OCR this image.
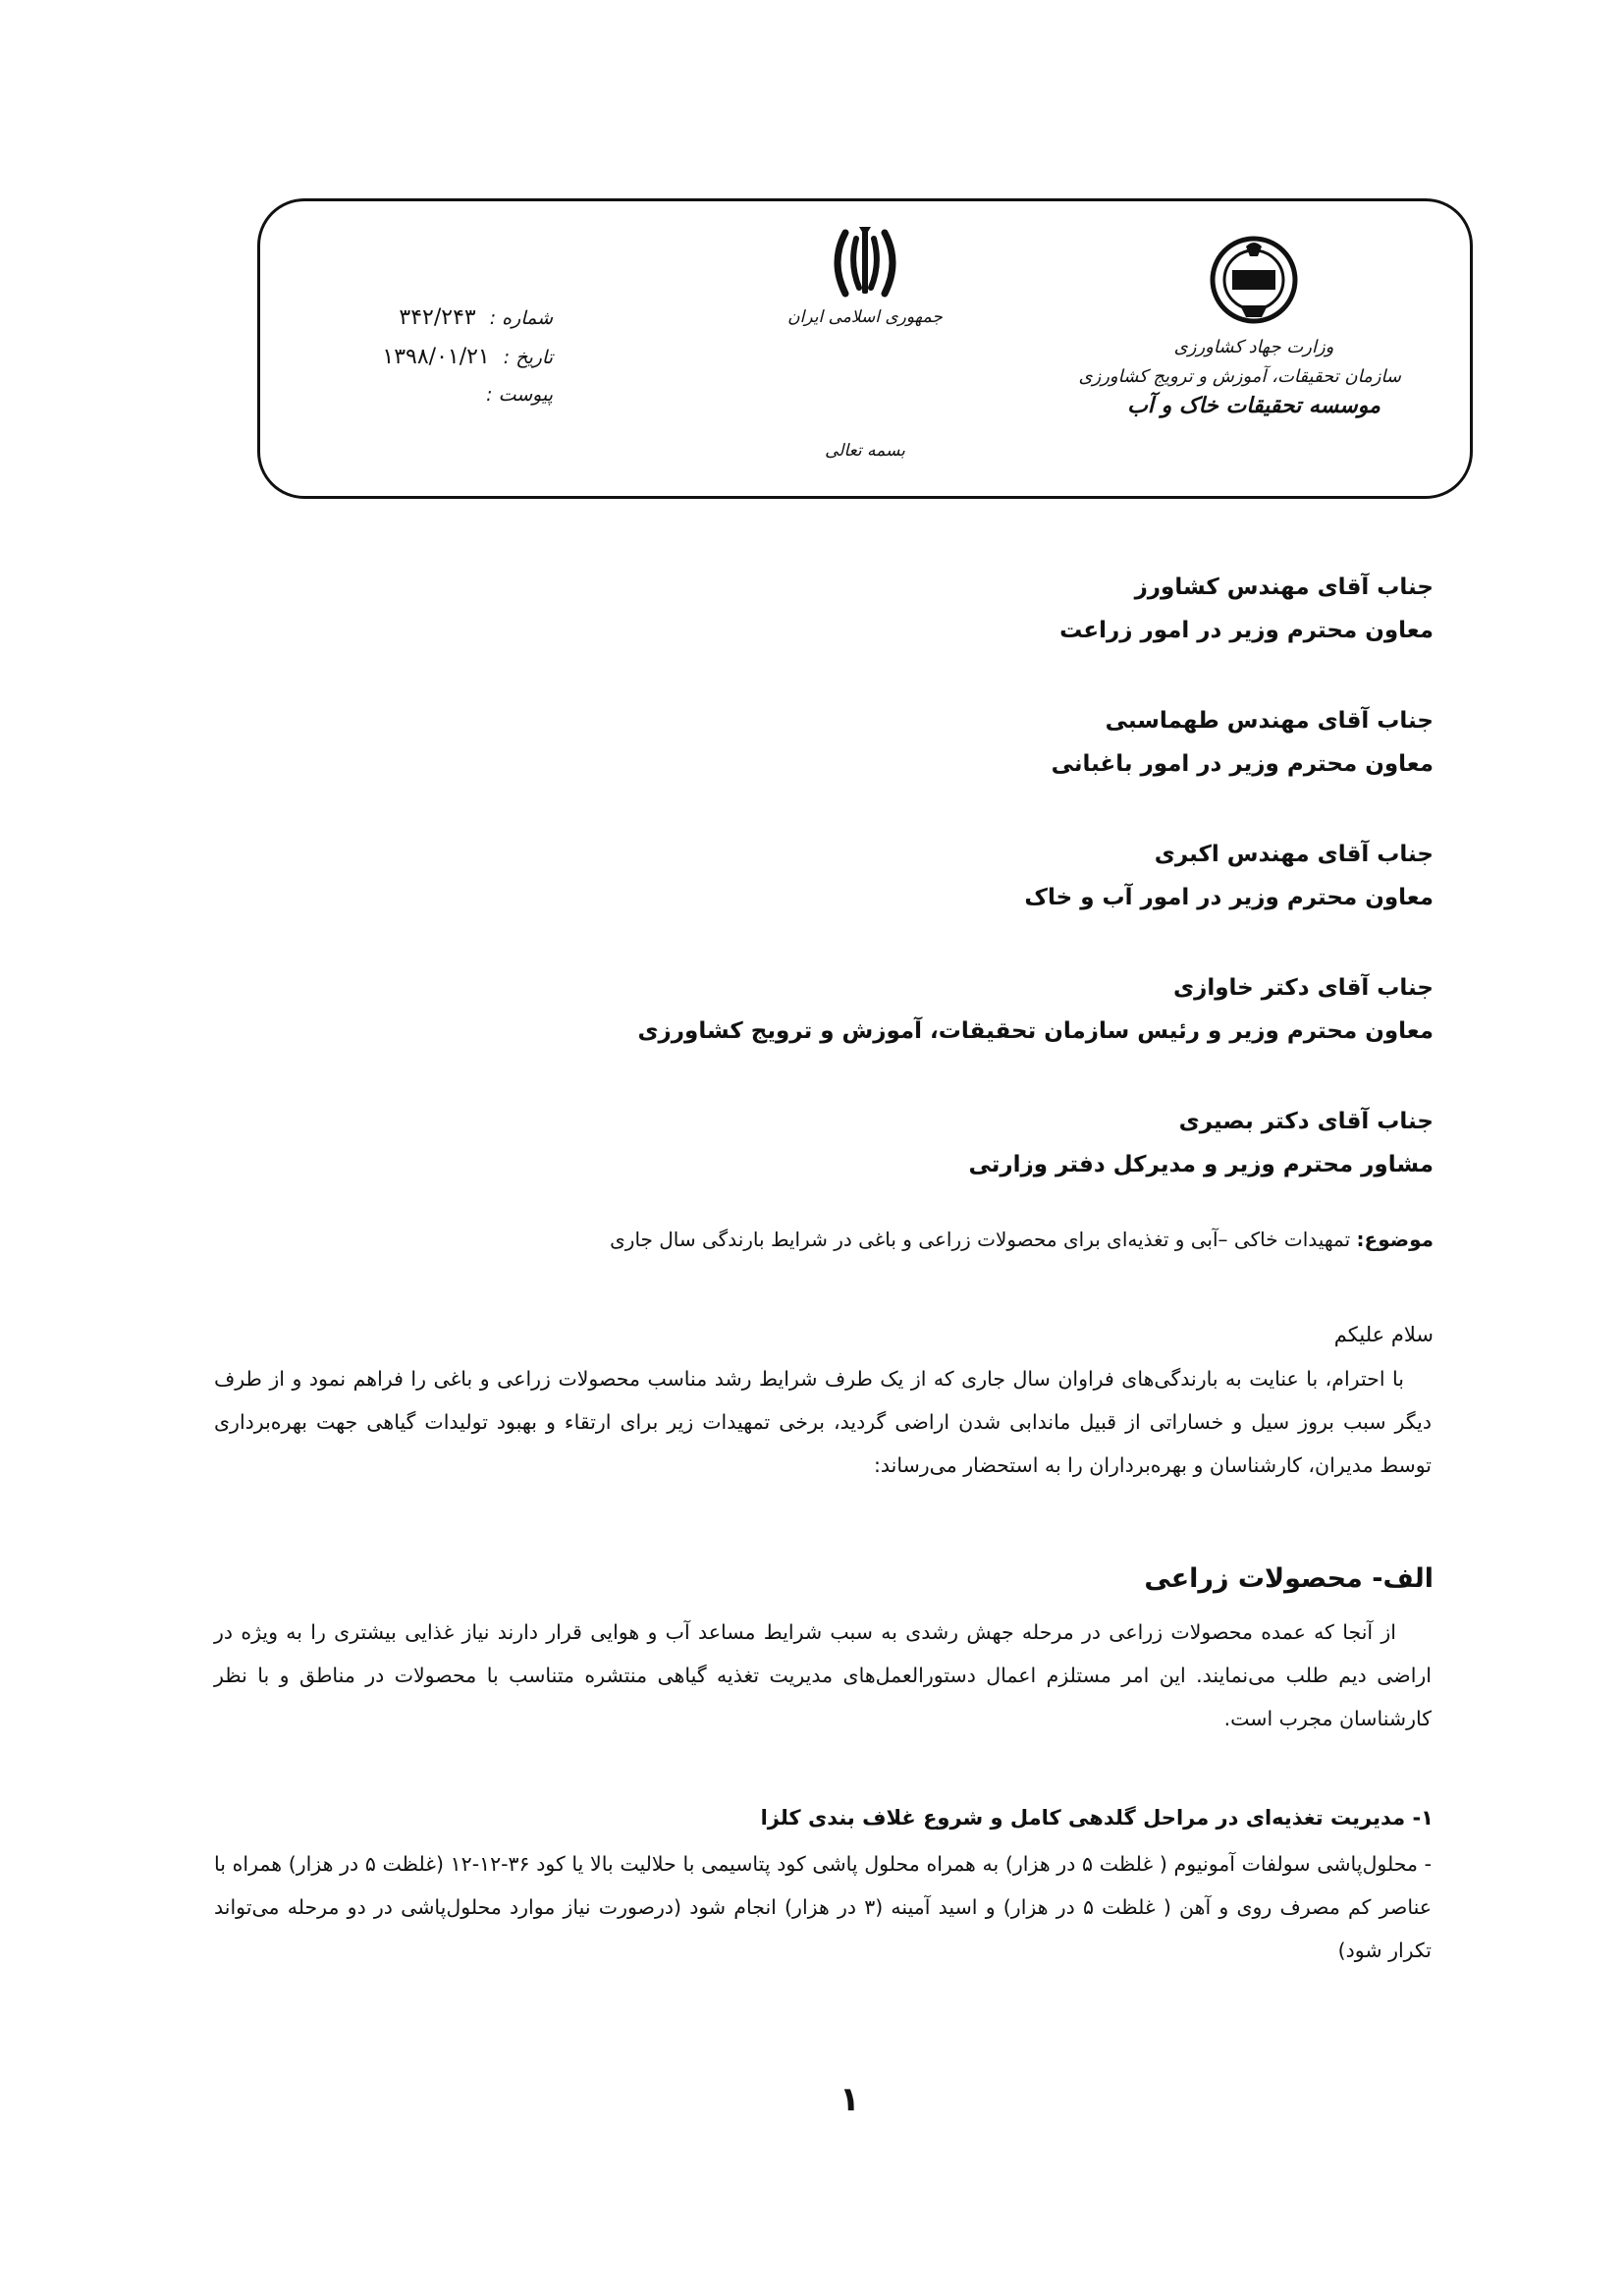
وزارت جهاد کشاورزی
سازمان تحقیقات، آموزش و ترویج کشاورزی
موسسه تحقیقات خاک و آب
جمهوری اسلامی ایران
بسمه تعالی
شماره :
۳۴۲/۲۴۳
تاریخ :
۱۳۹۸/۰۱/۲۱
پیوست :
جناب آقای مهندس کشاورز
معاون محترم وزیر در امور زراعت
جناب آقای مهندس طهماسبی
معاون محترم وزیر در امور باغبانی
جناب آقای مهندس اکبری
معاون محترم وزیر در امور آب و خاک
جناب آقای دکتر خاوازی
معاون محترم وزیر و رئیس سازمان تحقیقات، آموزش و ترویج کشاورزی
جناب آقای دکتر بصیری
مشاور محترم وزیر و مدیرکل دفتر وزارتی
موضوع: تمهیدات خاکی –آبی و تغذیه‌ای برای محصولات زراعی و باغی در شرایط بارندگی سال جاری
سلام علیکم
با احترام، با عنایت به بارندگی‌های فراوان سال جاری که از یک طرف شرایط رشد مناسب محصولات زراعی و باغی را فراهم نمود و از طرف دیگر سبب بروز سیل و خساراتی از قبیل ماندابی شدن اراضی گردید، برخی تمهیدات زیر برای ارتقاء و بهبود تولیدات گیاهی جهت بهره‌برداری توسط مدیران، کارشناسان و بهره‌برداران را به استحضار می‌رساند:
الف- محصولات زراعی
از آنجا که عمده محصولات زراعی در مرحله جهش رشدی به سبب شرایط مساعد آب و هوایی قرار دارند نیاز غذایی بیشتری را به ویژه در اراضی دیم طلب می‌نمایند. این امر مستلزم اعمال دستورالعمل‌های مدیریت تغذیه گیاهی منتشره متناسب با محصولات در مناطق و با نظر کارشناسان مجرب است.
۱- مدیریت تغذیه‌ای در مراحل گلدهی کامل و شروع غلاف بندی کلزا
- محلول‌پاشی سولفات آمونیوم ( غلظت ۵ در هزار) به همراه محلول پاشی کود پتاسیمی با حلالیت بالا یا کود ۳۶-۱۲-۱۲ (غلظت ۵ در هزار) همراه با عناصر کم مصرف روی و آهن ( غلظت ۵ در هزار) و اسید آمینه (۳ در هزار) انجام شود (درصورت نیاز موارد محلول‌پاشی در دو مرحله می‌تواند تکرار شود)
۱
